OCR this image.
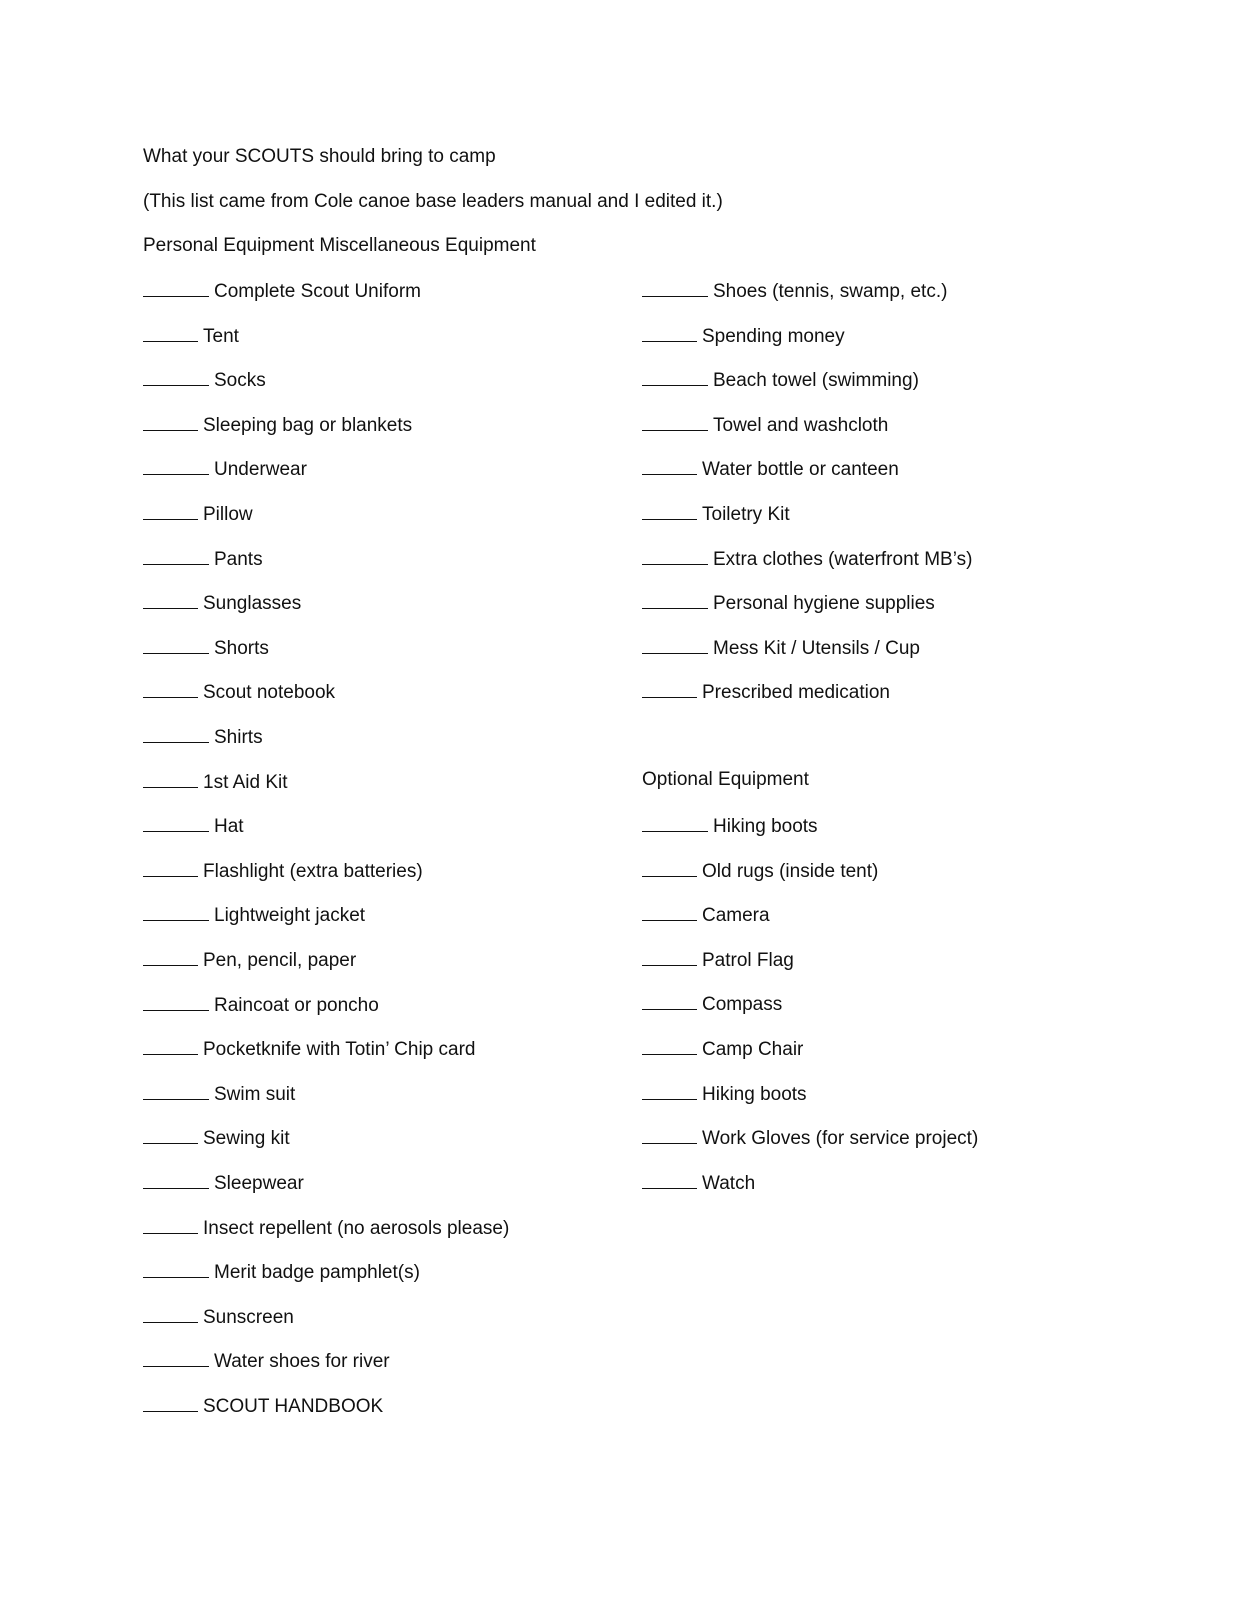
What your SCOUTS should bring to camp
(This list came from Cole canoe base leaders manual and I edited it.)
Personal Equipment Miscellaneous Equipment
Complete Scout Uniform
Tent
Socks
Sleeping bag or blankets
Underwear
Pillow
Pants
Sunglasses
Shorts
Scout notebook
Shirts
1st Aid Kit
Hat
Flashlight (extra batteries)
Lightweight jacket
Pen, pencil, paper
Raincoat or poncho
Pocketknife with Totin’ Chip card
Swim suit
Sewing kit
Sleepwear
Insect repellent (no aerosols please)
Merit badge pamphlet(s)
Sunscreen
Water shoes for river
SCOUT HANDBOOK
Shoes (tennis, swamp, etc.)
Spending money
Beach towel (swimming)
Towel and washcloth
Water bottle or canteen
Toiletry Kit
Extra clothes (waterfront MB’s)
Personal hygiene supplies
Mess Kit / Utensils / Cup
Prescribed medication
Optional Equipment
Hiking boots
Old rugs (inside tent)
Camera
Patrol Flag
Compass
Camp Chair
Hiking boots
Work Gloves (for service project)
Watch
